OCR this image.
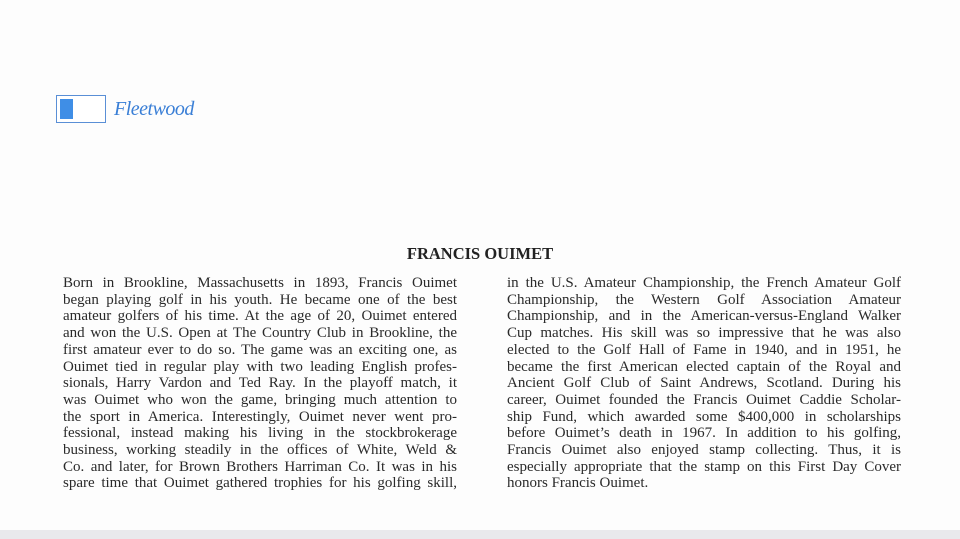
Fleetwood
FRANCIS OUIMET
Born in Brookline, Massachusetts in 1893, Francis Ouimet
began playing golf in his youth. He became one of the best
amateur golfers of his time. At the age of 20, Ouimet entered
and won the U.S. Open at The Country Club in Brookline, the
first amateur ever to do so. The game was an exciting one, as
Ouimet tied in regular play with two leading English profes-
sionals, Harry Vardon and Ted Ray. In the playoff match, it
was Ouimet who won the game, bringing much attention to
the sport in America. Interestingly, Ouimet never went pro-
fessional, instead making his living in the stockbrokerage
business, working steadily in the offices of White, Weld &
Co. and later, for Brown Brothers Harriman Co. It was in his
spare time that Ouimet gathered trophies for his golfing skill,
in the U.S. Amateur Championship, the French Amateur Golf
Championship, the Western Golf Association Amateur
Championship, and in the American-versus-England Walker
Cup matches. His skill was so impressive that he was also
elected to the Golf Hall of Fame in 1940, and in 1951, he
became the first American elected captain of the Royal and
Ancient Golf Club of Saint Andrews, Scotland. During his
career, Ouimet founded the Francis Ouimet Caddie Scholar-
ship Fund, which awarded some $400,000 in scholarships
before Ouimet’s death in 1967. In addition to his golfing,
Francis Ouimet also enjoyed stamp collecting. Thus, it is
especially appropriate that the stamp on this First Day Cover
honors Francis Ouimet.
